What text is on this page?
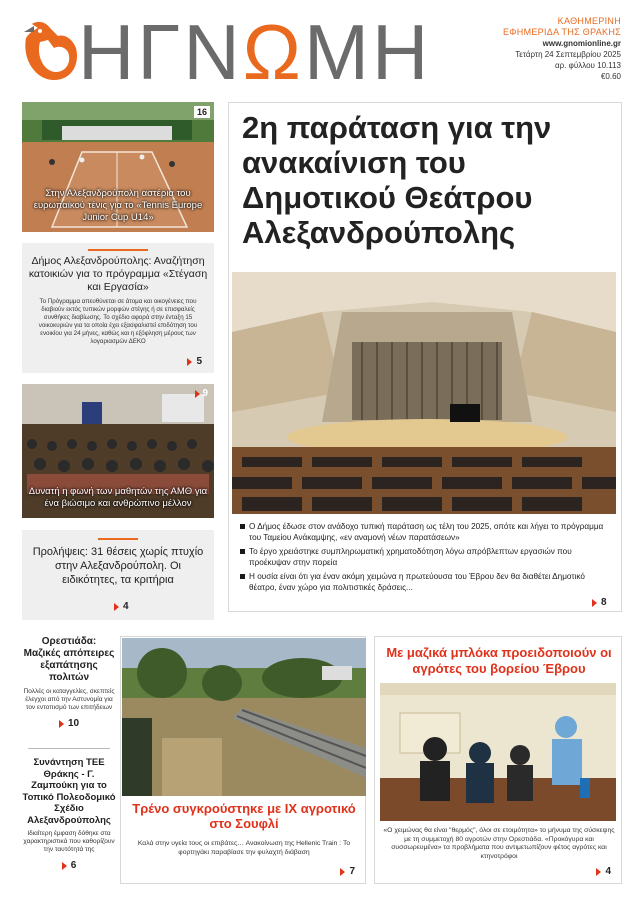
ΗΓΝΩΜΗ	ΚΑΘΗΜΕΡΙΝΗ
ΕΦΗΜΕΡΙΔΑ ΤΗΣ ΘΡΑΚΗΣ
www.gnomionline.gr
Τετάρτη 24 Σεπτεμβρίου 2025
αρ. φύλλου 10.113
€0.60
16
Στην Αλεξανδρούπολη αστέρια του ευρωπαϊκού τένις για το «Tennis Europe Junior Cup U14»
Δήμος Αλεξανδρούπολης: Αναζήτηση κατοικιών για το πρόγραμμα «Στέγαση και Εργασία»
Το Πρόγραμμα απευθύνεται σε άτομα και οικογένειες που διαβιούν εκτός τυπικών μορφών στέγης ή σε επισφαλείς συνθήκες διαβίωσης. Το σχέδιο αφορά στην ένταξη 15 νοικοκυριών για τα οποία έχει εξασφαλιστεί επιδότηση του ενοικίου για 24 μήνες, καθώς και η εξόφληση μέρους των λογαριασμών ΔΕΚΟ
5
9
Δυνατή η φωνή των μαθητών της ΑΜΘ για ένα βιώσιμο και ανθρώπινο μέλλον
Προλήψεις: 31 θέσεις χωρίς πτυχίο στην Αλεξανδρούπολη. Οι ειδικότητες, τα κριτήρια
4
2η παράταση για την ανακαίνιση του Δημοτικού Θεάτρου Αλεξανδρούπολης
Ο Δήμος έδωσε στον ανάδοχο τυπική παράταση ως τέλη του 2025, οπότε και λήγει το πρόγραμμα του Ταμείου Ανάκαμψης, «εν αναμονή νέων παρατάσεων»
Το έργο χρειάστηκε συμπληρωματική χρηματοδότηση λόγω απρόβλεπτων εργασιών που προέκυψαν στην πορεία
Η ουσία είναι ότι για έναν ακόμη χειμώνα η πρωτεύουσα του Έβρου δεν θα διαθέτει Δημοτικό θέατρο, έναν χώρο για πολιτιστικές δράσεις...
8
Ορεστιάδα: Μαζικές απόπειρες εξαπάτησης πολιτών
Πολλές οι καταγγελίες, σκεπτείς έλεγχοι από την Αστυνομία για τον εντοπισμό των επιτήδειων
10
Συνάντηση ΤΕΕ Θράκης - Γ. Ζαμπούκη για το Τοπικό Πολεοδομικό Σχέδιο Αλεξανδρούπολης
Ιδιαίτερη έμφαση δόθηκε στα χαρακτηριστικά που καθορίζουν την ταυτότητά της
6
Τρένο συγκρούστηκε με ΙΧ αγροτικό στο Σουφλί
Καλά στην υγεία τους οι επιβάτες… Ανακοίνωση της Hellenic Train : Το φορτηγάκι παραβίασε την φυλαχτή διάβαση
7
Με μαζικά μπλόκα προειδοποιούν οι αγρότες του βορείου Έβρου
«Ο χειμώνας θα είναι "θερμός", όλοι σε ετοιμότητα» το μήνυμα της σύσκεψης με τη συμμετοχή 80 αγροτών στην Ορεστιάδα. «Προκόγυρα και συσσωρευμένα» τα προβλήματα που αντιμετωπίζουν φέτος αγρότες και κτηνοτρόφοι
4
